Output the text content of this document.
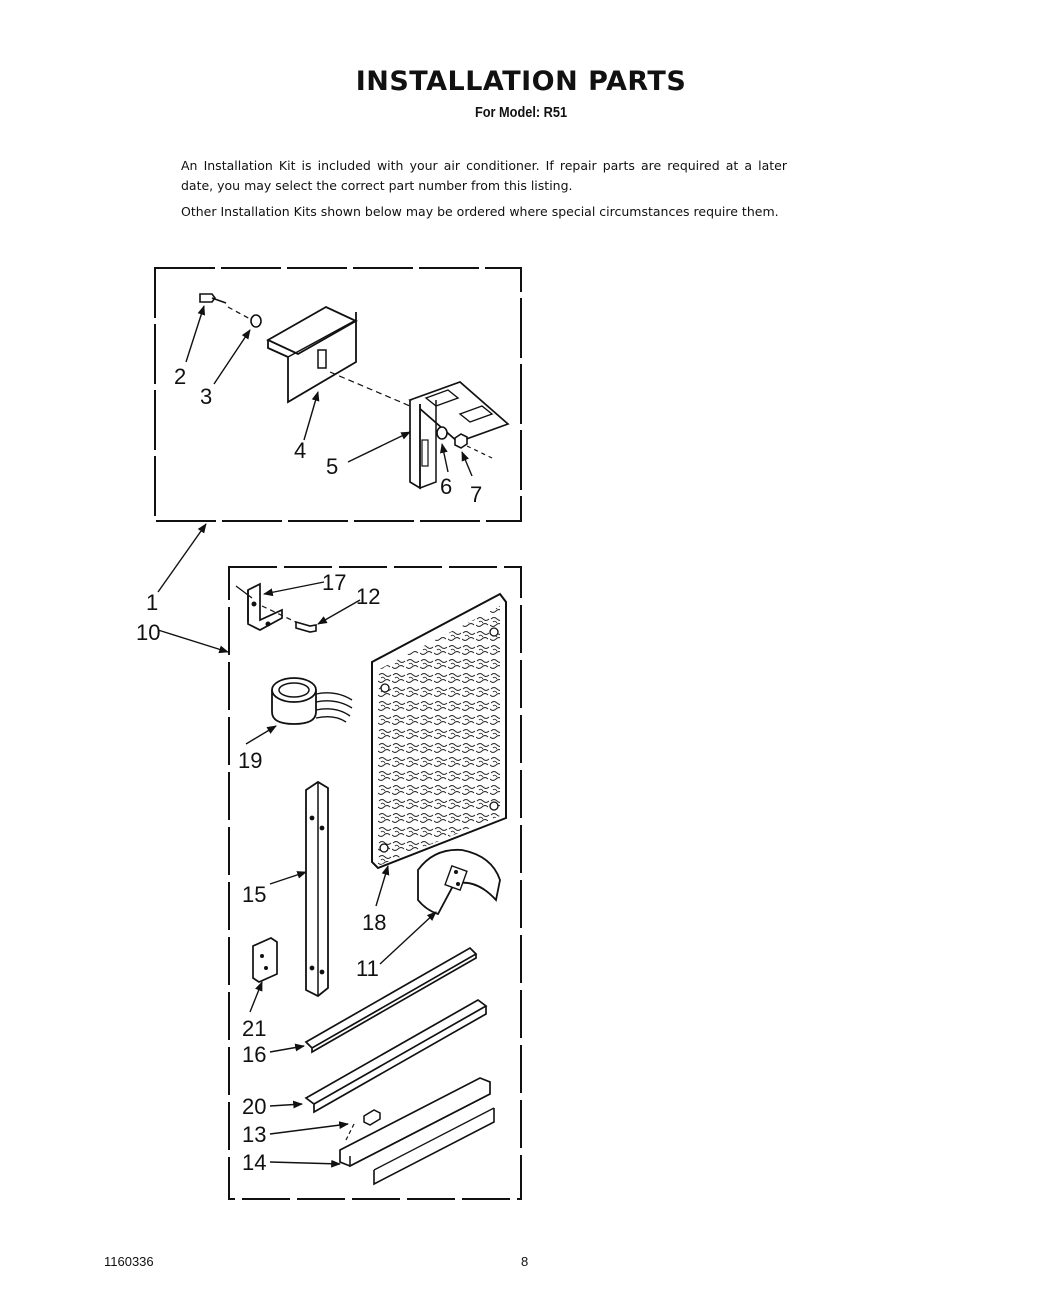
INSTALLATION PARTS
For Model: R51
An Installation Kit is included with your air conditioner. If repair parts are required at a later date, you may select the correct part number from this listing.
Other Installation Kits shown below may be ordered where special circumstances require them.
2
3
4
5
6 7
1
10
17
12
19
15
18
11
21
16
20
13
14
1160336	8
